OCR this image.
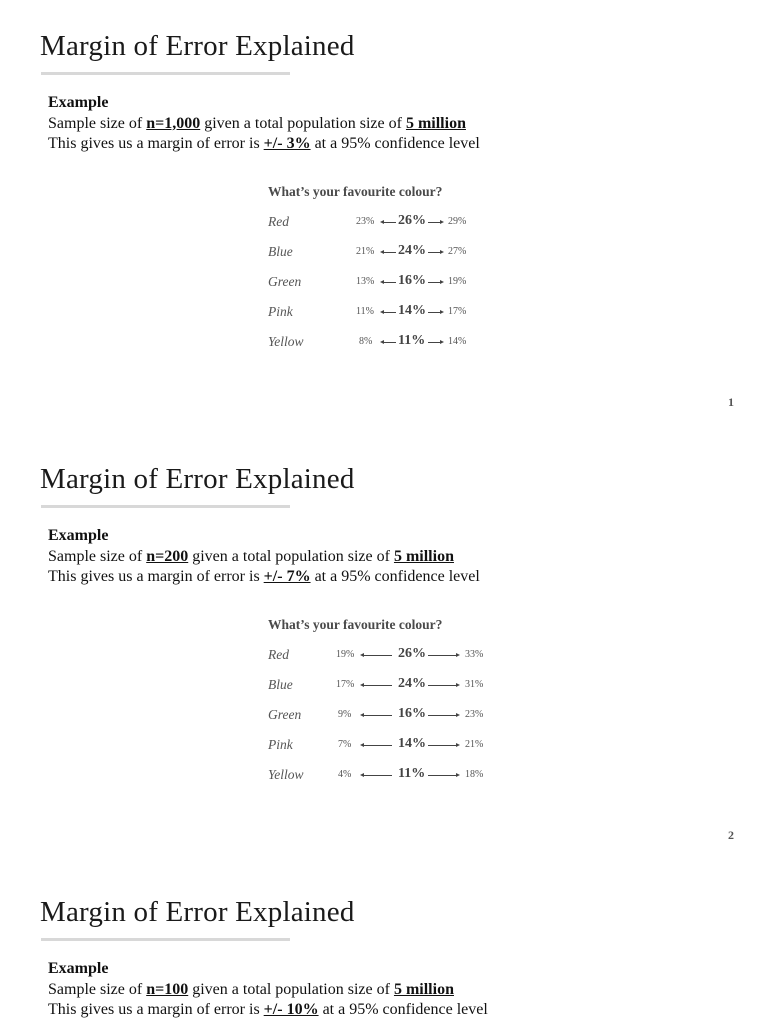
Margin of Error Explained
Example
Sample size of n=1,000 given a total population size of 5 million
This gives us a margin of error is +/- 3% at a 95% confidence level
What’s your favourite colour?
Red	23% 26% 29%
Blue	21% 24% 27%
Green	13% 16% 19%
Pink	11% 14% 17%
Yellow	8% 11% 14%
1
Margin of Error Explained
Example
Sample size of n=200 given a total population size of 5 million
This gives us a margin of error is +/- 7% at a 95% confidence level
What’s your favourite colour?
Red	19%	26%	33%
Blue	17%	24%	31%
Green	9%	16%	23%
Pink	7%	14%	21%
Yellow	4%	11%	18%
2
Margin of Error Explained
Example
Sample size of n=100 given a total population size of 5 million
This gives us a margin of error is +/- 10% at a 95% confidence level
